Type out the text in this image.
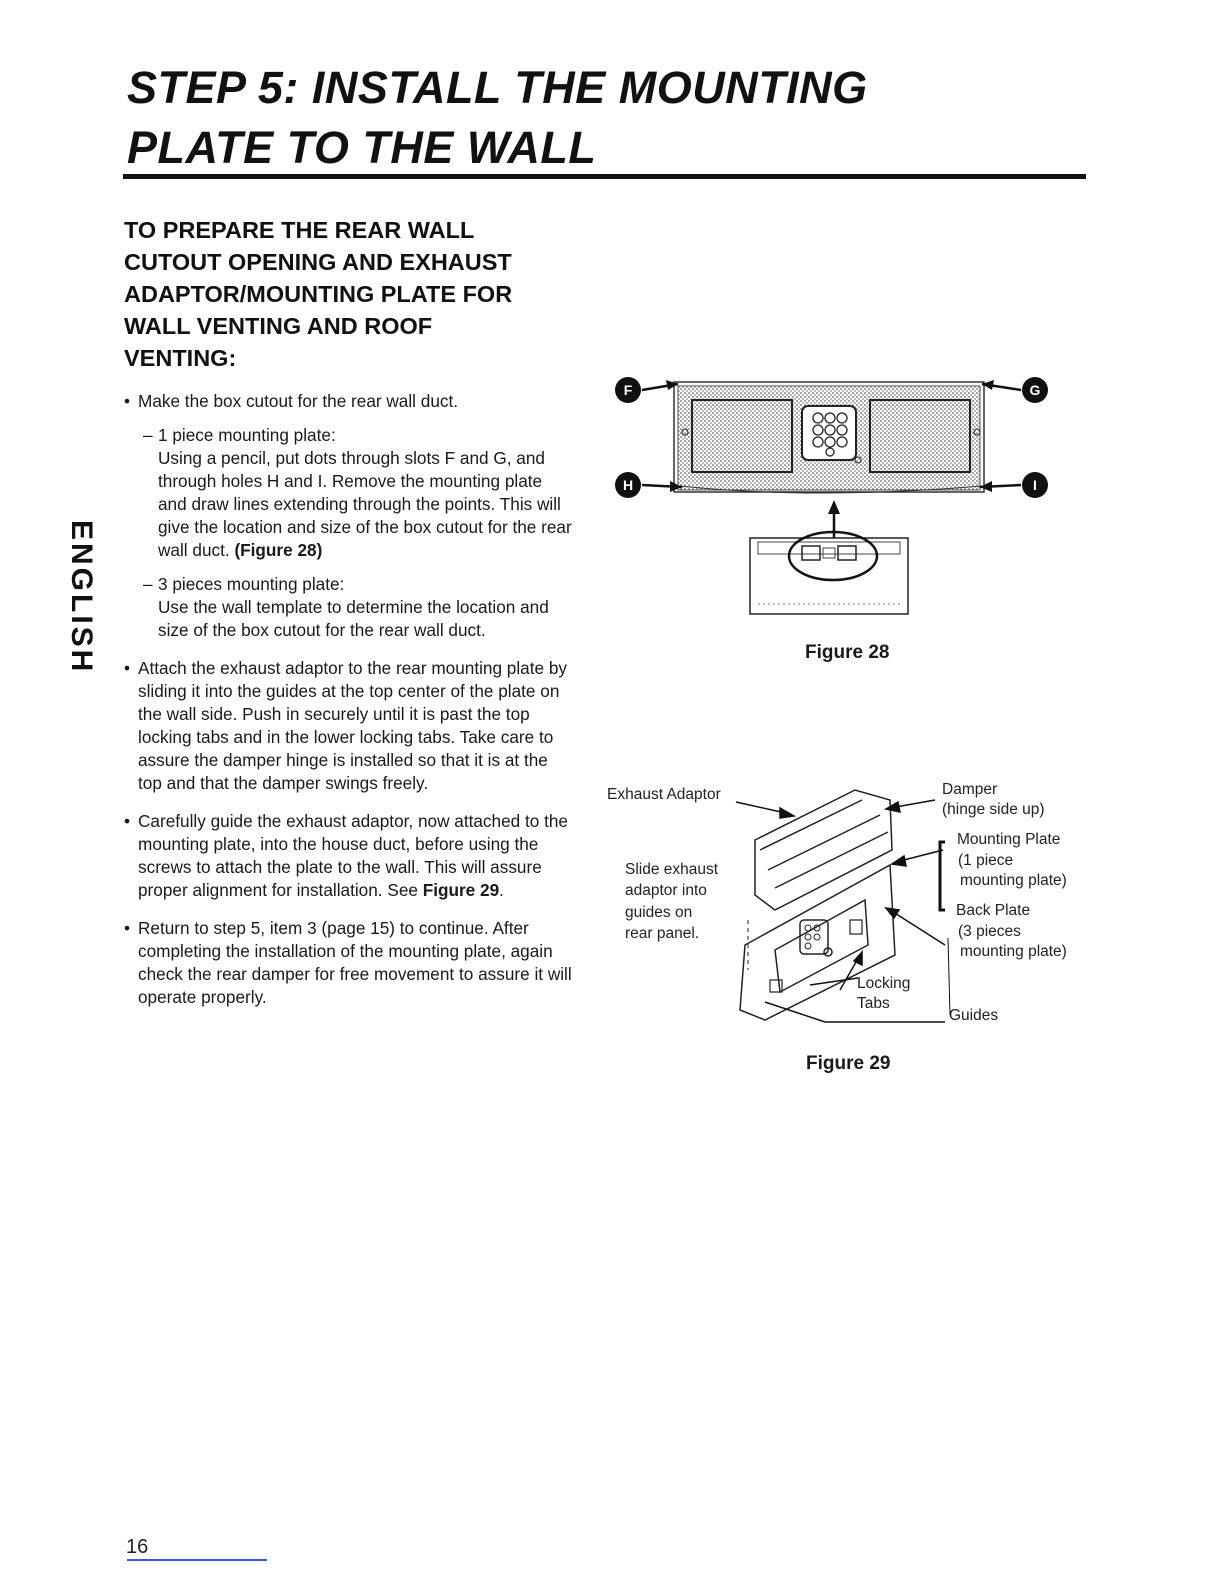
STEP 5: INSTALL THE MOUNTING
PLATE TO THE WALL
ENGLISH
TO PREPARE THE REAR WALL
CUTOUT OPENING AND EXHAUST
ADAPTOR/MOUNTING PLATE FOR
WALL VENTING AND ROOF
VENTING:
• Make the box cutout for the rear wall duct.
– 1 piece mounting plate:

Using a pencil, put dots through slots F and G, and through holes H and I. Remove the mounting plate and draw lines extending through the points. This will give the location and size of the box cutout for the rear wall duct. (Figure 28)

– 3 pieces mounting plate:

Use the wall template to determine the location and size of the box cutout for the rear wall duct.

• Attach the exhaust adaptor to the rear mounting plate by sliding it into the guides at the top center of the plate on the wall side. Push in securely until it is past the top locking tabs and in the lower locking tabs. Take care to assure the damper hinge is installed so that it is at the top and that the damper swings freely.
• Carefully guide the exhaust adaptor, now attached to the mounting plate, into the house duct, before using the screws to attach the plate to the wall. This will assure proper alignment for installation. See Figure 29.
• Return to step 5, item 3 (page 15) to continue. After completing the installation of the mounting plate, again check the rear damper for free movement to assure it will operate properly.
F	G
H	I
Figure 28
Exhaust Adaptor	Damper
(hinge side up)
Mounting Plate
(1 piece
mounting plate)
Back Plate
(3 pieces
mounting plate)
Slide exhaust
adaptor into
guides on
rear panel.
Locking
Tabs
Guides
Figure 29
16
